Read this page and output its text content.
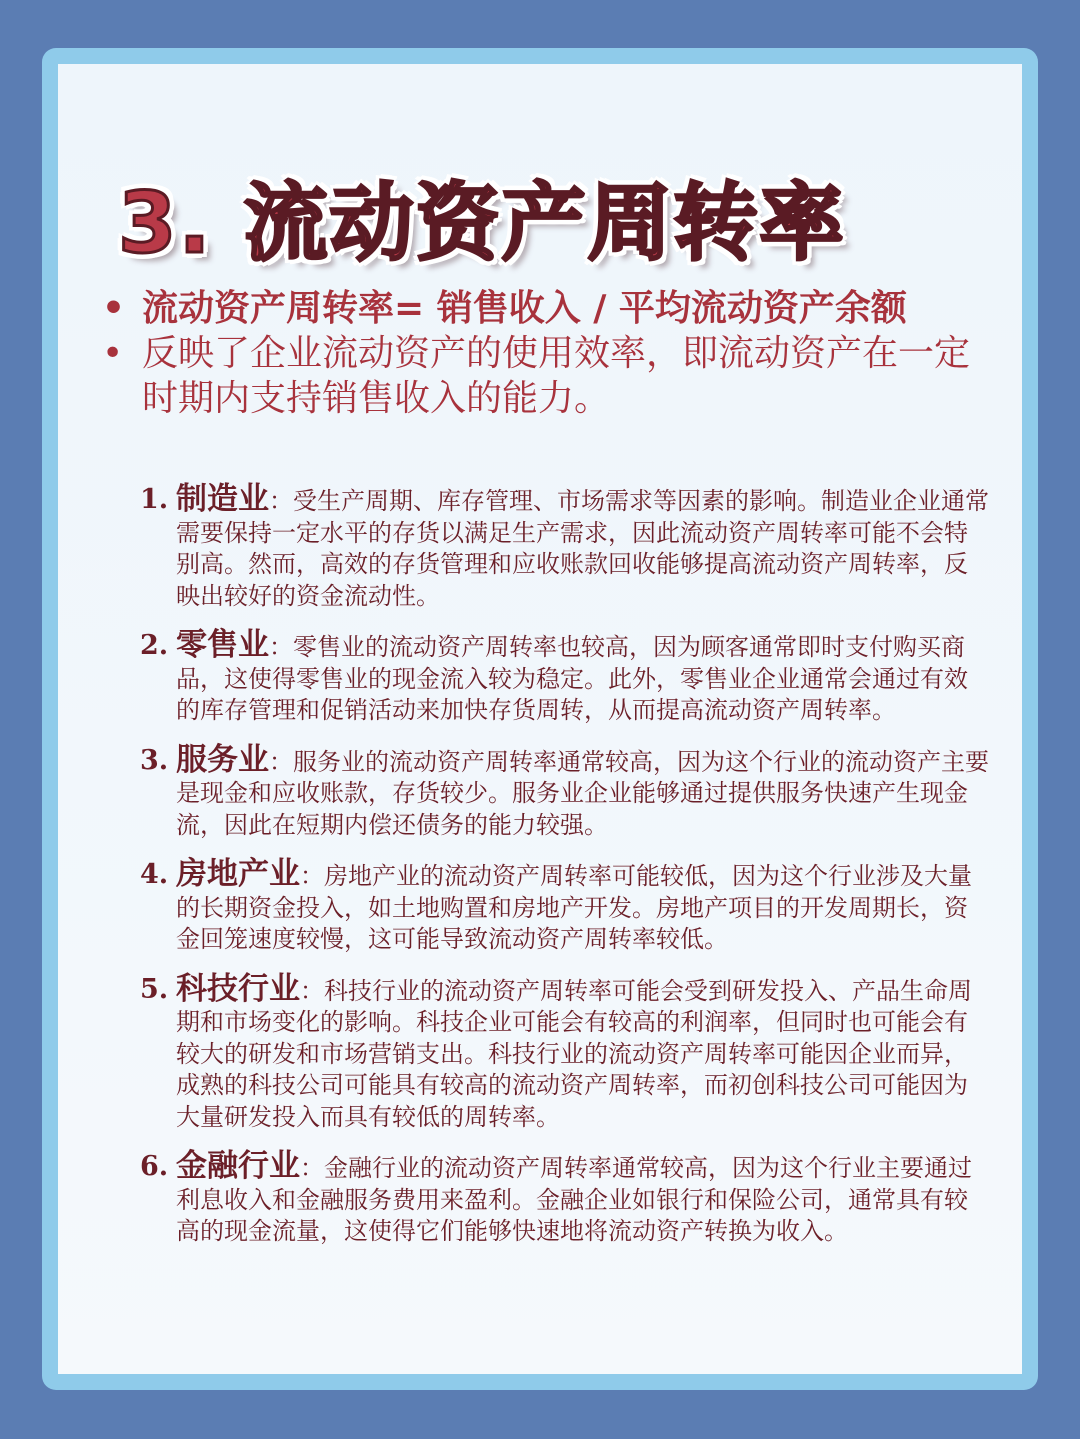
3. 流动资产周转率
• 流动资产周转率= 销售收入 / 平均流动资产余额
• 反映了企业流动资产的使用效率，即流动资产在一定时期内支持销售收入的能力。
1. 制造业：受生产周期、库存管理、市场需求等因素的影响。制造业企业通常需要保持一定水平的存货以满足生产需求，因此流动资产周转率可能不会特别高。然而，高效的存货管理和应收账款回收能够提高流动资产周转率，反映出较好的资金流动性。
2. 零售业：零售业的流动资产周转率也较高，因为顾客通常即时支付购买商品，这使得零售业的现金流入较为稳定。此外，零售业企业通常会通过有效的库存管理和促销活动来加快存货周转，从而提高流动资产周转率。
3. 服务业：服务业的流动资产周转率通常较高，因为这个行业的流动资产主要是现金和应收账款，存货较少。服务业企业能够通过提供服务快速产生现金流，因此在短期内偿还债务的能力较强。
4. 房地产业：房地产业的流动资产周转率可能较低，因为这个行业涉及大量的长期资金投入，如土地购置和房地产开发。房地产项目的开发周期长，资金回笼速度较慢，这可能导致流动资产周转率较低。
5. 科技行业：科技行业的流动资产周转率可能会受到研发投入、产品生命周期和市场变化的影响。科技企业可能会有较高的利润率，但同时也可能会有较大的研发和市场营销支出。科技行业的流动资产周转率可能因企业而异，成熟的科技公司可能具有较高的流动资产周转率，而初创科技公司可能因为大量研发投入而具有较低的周转率。
6. 金融行业：金融行业的流动资产周转率通常较高，因为这个行业主要通过利息收入和金融服务费用来盈利。金融企业如银行和保险公司，通常具有较高的现金流量，这使得它们能够快速地将流动资产转换为收入。
